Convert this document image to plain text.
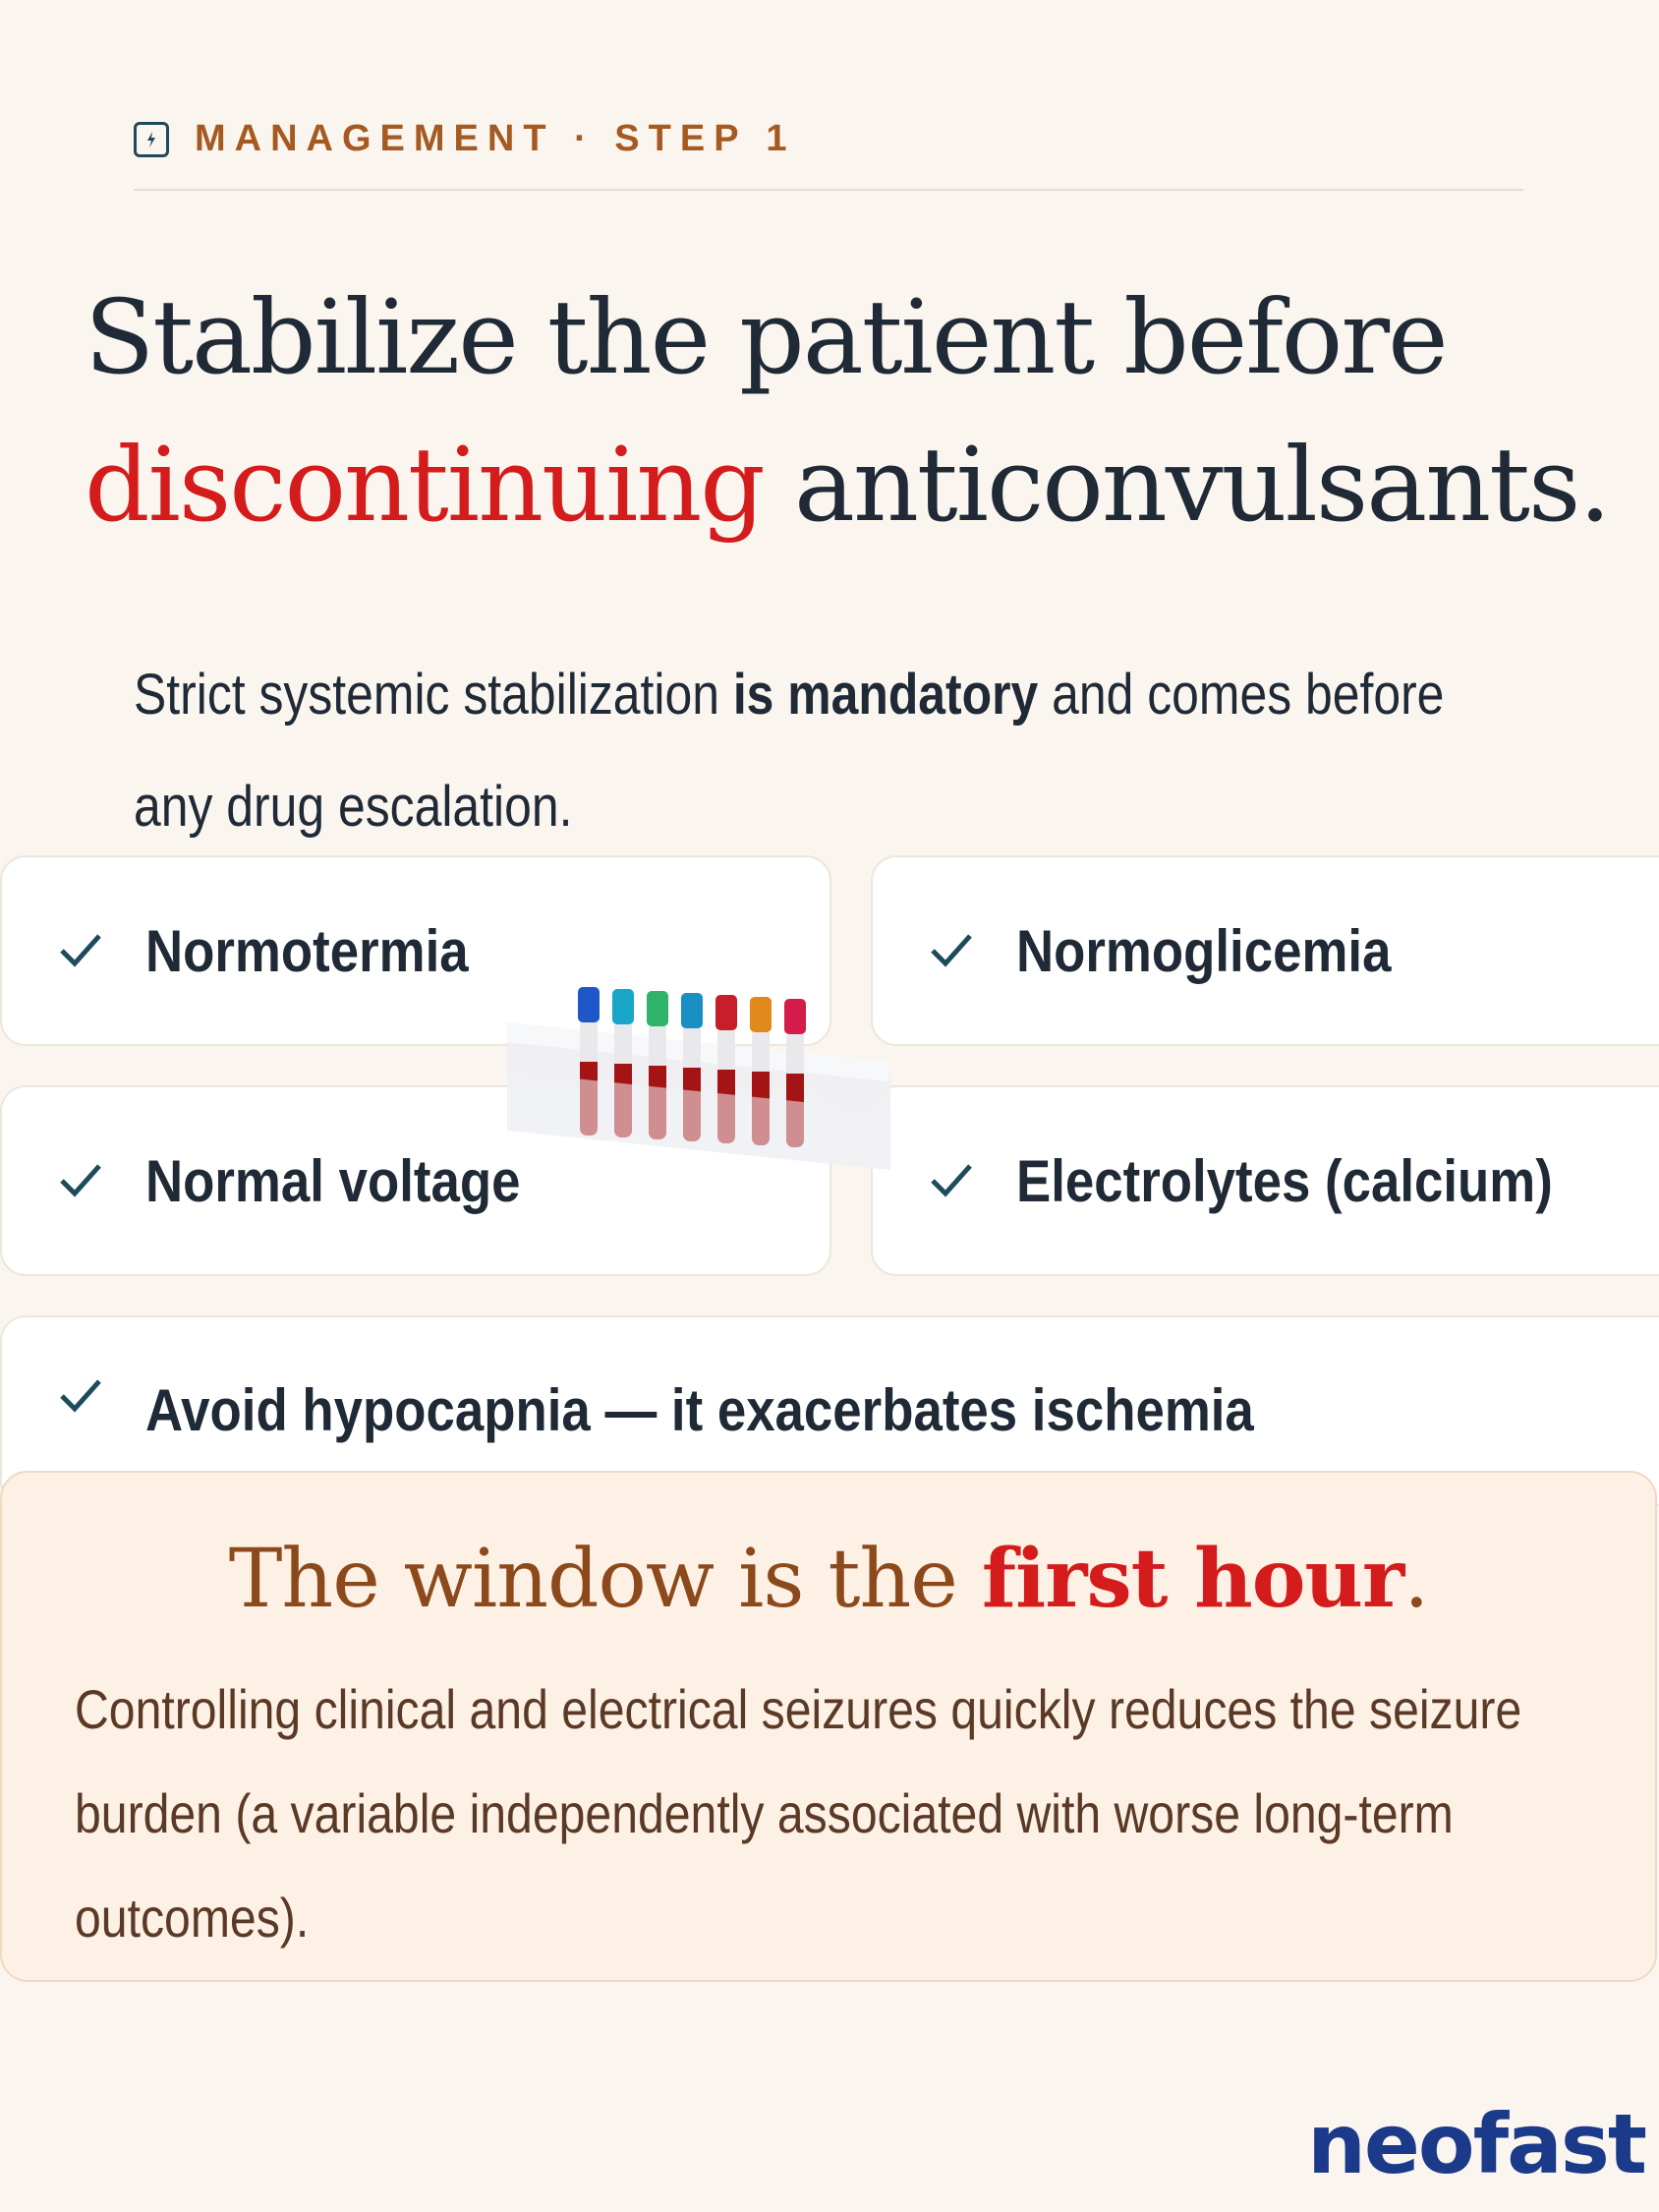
MANAGEMENT · STEP 1
Stabilize the patient before discontinuing anticonvulsants.
Strict systemic stabilization is mandatory and comes before any drug escalation.
Normotermia	Normoglicemia
Normal voltage	Electrolytes (calcium)
Avoid hypocapnia — it exacerbates ischemia
The window is the first hour.
Controlling clinical and electrical seizures quickly reduces the seizure burden (a variable independently associated with worse long-term outcomes).
neofast
